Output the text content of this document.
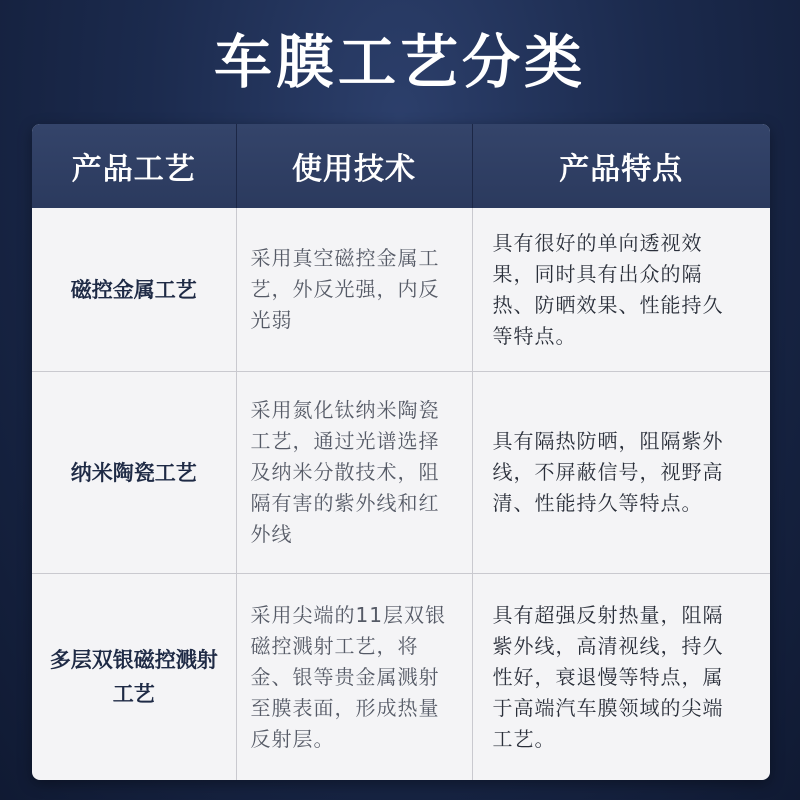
车膜工艺分类
产品工艺	使用技术	产品特点
磁控金属工艺	采用真空磁控金属工艺，外反光强，内反光弱	具有很好的单向透视效果，同时具有出众的隔热、防晒效果、性能持久等特点。
纳米陶瓷工艺	采用氮化钛纳米陶瓷工艺，通过光谱选择及纳米分散技术，阻隔有害的紫外线和红外线	具有隔热防晒，阻隔紫外线，不屏蔽信号，视野高清、性能持久等特点。
多层双银磁控溅射工艺	采用尖端的11层双银磁控溅射工艺，将金、银等贵金属溅射至膜表面，形成热量反射层。	具有超强反射热量，阻隔紫外线，高清视线，持久性好，衰退慢等特点，属于高端汽车膜领域的尖端工艺。
